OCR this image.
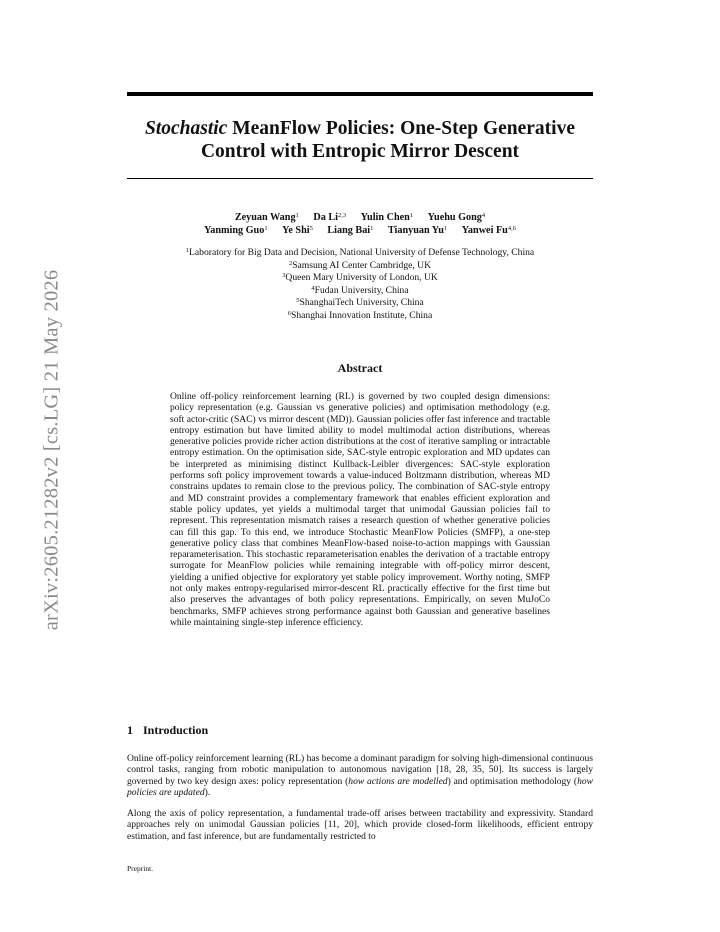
arXiv:2605.21282v2 [cs.LG] 21 May 2026
Stochastic MeanFlow Policies: One-Step Generative
Control with Entropic Mirror Descent
Zeyuan Wang$^1$ Da Li$^{2,3}$ Yulin Chen$^1$ Yuehu Gong$^4$
Yanming Guo$^1$ Ye Shi$^5$ Liang Bai$^1$ Tianyuan Yu$^1$ Yanwei Fu$^{4,6}$
$^1$Laboratory for Big Data and Decision, National University of Defense Technology, China
$^2$Samsung AI Center Cambridge, UK
$^3$Queen Mary University of London, UK
$^4$Fudan University, China
$^5$ShanghaiTech University, China
$^6$Shanghai Innovation Institute, China
Abstract
Online off-policy reinforcement learning (RL) is governed by two coupled design dimensions: policy representation (e.g. Gaussian vs generative policies) and optimisation methodology (e.g. soft actor-critic (SAC) vs mirror descent (MD)). Gaussian policies offer fast inference and tractable entropy estimation but have limited ability to model multimodal action distributions, whereas generative policies provide richer action distributions at the cost of iterative sampling or intractable entropy estimation. On the optimisation side, SAC-style entropic exploration and MD updates can be interpreted as minimising distinct Kullback-Leibler divergences: SAC-style exploration performs soft policy improvement towards a value-induced Boltzmann distribution, whereas MD constrains updates to remain close to the previous policy. The combination of SAC-style entropy and MD constraint provides a complementary framework that enables efficient exploration and stable policy updates, yet yields a multimodal target that unimodal Gaussian policies fail to represent. This representation mismatch raises a research question of whether generative policies can fill this gap. To this end, we introduce Stochastic MeanFlow Policies (SMFP), a one-step generative policy class that combines MeanFlow-based noise-to-action mappings with Gaussian reparameterisation. This stochastic reparameterisation enables the derivation of a tractable entropy surrogate for MeanFlow policies while remaining integrable with off-policy mirror descent, yielding a unified objective for exploratory yet stable policy improvement. Worthy noting, SMFP not only makes entropy-regularised mirror-descent RL practically effective for the first time but also preserves the advantages of both policy representations. Empirically, on seven MuJoCo benchmarks, SMFP achieves strong performance against both Gaussian and generative baselines while maintaining single-step inference efficiency.
1 Introduction
Online off-policy reinforcement learning (RL) has become a dominant paradigm for solving high-dimensional continuous control tasks, ranging from robotic manipulation to autonomous navigation [18, 28, 35, 50]. Its success is largely governed by two key design axes: policy representation (how actions are modelled) and optimisation methodology (how policies are updated).
Along the axis of policy representation, a fundamental trade-off arises between tractability and expressivity. Standard approaches rely on unimodal Gaussian policies [11, 20], which provide closed-form likelihoods, efficient entropy estimation, and fast inference, but are fundamentally restricted to
Preprint.
